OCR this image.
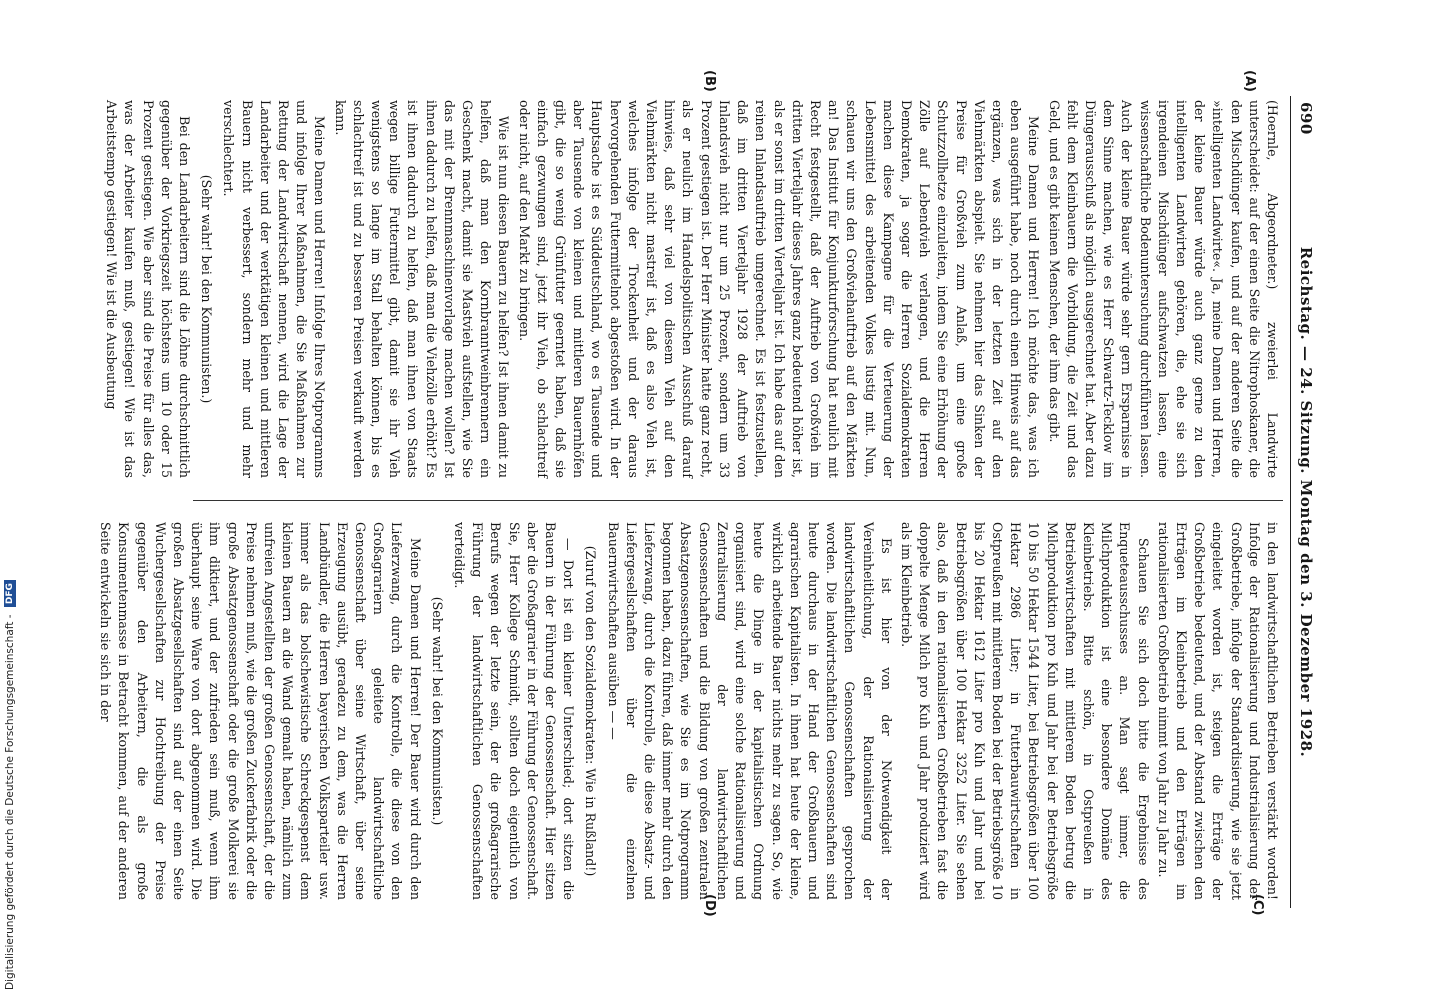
690
Reichstag. — 24. Sitzung. Montag den 3. Dezember 1928.
(A)
(B)
(C)
(D)

(Hoernle, Abgeordneter.) zweierlei Landwirte unterscheidet: auf der einen Seite die Nitrophoskaner, die den Mischdünger kaufen, und auf der anderen Seite die »intelligenten Landwirte«. Ja, meine Damen und Herren, der kleine Bauer würde auch ganz gerne zu den intelligenten Landwirten gehören, die, ehe sie sich irgendeinen Mischdünger aufschwatzen lassen, eine wissenschaftliche Bodenuntersuchung durchführen lassen. Auch der kleine Bauer würde sehr gern Ersparnisse in dem Sinne machen, wie es Herr Schwartz-Tecklow im Düngerausschuß als möglich ausgerechnet hat. Aber dazu fehlt dem Kleinbauern die Vorbildung, die Zeit und das Geld, und es gibt keinen Menschen, der ihm das gibt.

Meine Damen und Herren! Ich möchte das, was ich eben ausgeführt habe, noch durch einen Hinweis auf das ergänzen, was sich in der letzten Zeit auf den Viehmärkten abspielt. Sie nehmen hier das Sinken der Preise für Großvieh zum Anlaß, um eine große Schutzzollhetze einzuleiten, indem Sie eine Erhöhung der Zölle auf Lebendvieh verlangen, und die Herren Demokraten, ja sogar die Herren Sozialdemokraten machen diese Kampagne für die Verteuerung der Lebensmittel des arbeitenden Volkes lustig mit. Nun, schauen wir uns den Großviehauftrieb auf den Märkten an! Das Institut für Konjunkturforschung hat neulich mit Recht festgestellt, daß der Auftrieb von Großvieh im dritten Vierteljahr dieses Jahres ganz bedeutend höher ist, als er sonst im dritten Vierteljahr ist. Ich habe das auf den reinen Inlandsauftrieb umgerechnet. Es ist festzustellen, daß im dritten Vierteljahr 1928 der Auftrieb von Inlandsvieh nicht nur um 25 Prozent, sondern um 33 Prozent gestiegen ist. Der Herr Minister hatte ganz recht, als er neulich im Handelspolitischen Ausschuß darauf hinwies, daß sehr viel von diesem Vieh auf den Viehmärkten nicht mastreif ist, daß es also Vieh ist, welches infolge der Trockenheit und der daraus hervorgehenden Futtermittelnot abgestoßen wird. In der Hauptsache ist es Süddeutschland, wo es Tausende und aber Tausende von kleinen und mittleren Bauernhöfen gibt, die so wenig Grünfutter geerntet haben, daß sie einfach gezwungen sind, jetzt ihr Vieh, ob schlachtreif oder nicht, auf den Markt zu bringen.

Wie ist nun diesen Bauern zu helfen? Ist ihnen damit zu helfen, daß man den Kornbranntweinbrennern ein Geschenk macht, damit sie Mastvieh aufstellen, wie Sie das mit der Brennmaschinenvorlage machen wollen? Ist ihnen dadurch zu helfen, daß man die Viehzölle erhöht? Es ist ihnen dadurch zu helfen, daß man ihnen von Staats wegen billige Futtermittel gibt, damit sie ihr Vieh wenigstens so lange im Stall behalten können, bis es schlachtreif ist und zu besseren Preisen verkauft werden kann.

Meine Damen und Herren! Infolge Ihres Notprogramms und infolge Ihrer Maßnahmen, die Sie Maßnahmen zur Rettung der Landwirtschaft nennen, wird die Lage der Landarbeiter und der werktätigen kleinen und mittleren Bauern nicht verbessert, sondern mehr und mehr verschlechtert.

(Sehr wahr! bei den Kommunisten.)

Bei den Landarbeitern sind die Löhne durchschnittlich gegenüber der Vorkriegszeit höchstens um 10 oder 15 Prozent gestiegen. Wie aber sind die Preise für alles das, was der Arbeiter kaufen muß, gestiegen! Wie ist das Arbeitstempo gestiegen! Wie ist die Ausbeutung

in den landwirtschaftlichen Betrieben verstärkt worden! Infolge der Rationalisierung und Industrialisierung der Großbetriebe, infolge der Standardisierung, wie sie jetzt eingeleitet worden ist, steigen die Erträge der Großbetriebe bedeutend, und der Abstand zwischen den Erträgen im Kleinbetrieb und den Erträgen im rationalisierten Großbetrieb nimmt von Jahr zu Jahr zu.

Schauen Sie sich doch bitte die Ergebnisse des Enqueteausschusses an. Man sagt immer, die Milchproduktion ist eine besondere Domäne des Kleinbetriebs. Bitte schön, in Ostpreußen in Betriebswirtschaften mit mittlerem Boden betrug die Milchproduktion pro Kuh und Jahr bei der Betriebsgröße 10 bis 50 Hektar 1544 Liter, bei Betriebsgrößen über 100 Hektar 2986 Liter; in Futterbauwirtschaften in Ostpreußen mit mittlerem Boden bei der Betriebsgröße 10 bis 20 Hektar 1612 Liter pro Kuh und Jahr und bei Betriebsgrößen über 100 Hektar 3252 Liter. Sie sehen also, daß in den rationalisierten Großbetrieben fast die doppelte Menge Milch pro Kuh und Jahr produziert wird als im Kleinbetrieb.

Es ist hier von der Notwendigkeit der Vereinheitlichung, der Rationalisierung der landwirtschaftlichen Genossenschaften gesprochen worden. Die landwirtschaftlichen Genossenschaften sind heute durchaus in der Hand der Großbauern und agrarischen Kapitalisten. In ihnen hat heute der kleine, wirklich arbeitende Bauer nichts mehr zu sagen. So, wie heute die Dinge in der kapitalistischen Ordnung organisiert sind, wird eine solche Rationalisierung und Zentralisierung der landwirtschaftlichen Genossenschaften und die Bildung von großen zentralen Absatzgenossenschaften, wie Sie es im Notprogramm begonnen haben, dazu führen, daß immer mehr durch den Lieferzwang, durch die Kontrolle, die diese Absatz- und Liefergesellschaften über die einzelnen Bauernwirtschaften ausüben — —

(Zuruf von den Sozialdemokraten: Wie in Rußland!)

— Dort ist ein kleiner Unterschied; dort sitzen die Bauern in der Führung der Genossenschaft. Hier sitzen aber die Großagrarier in der Führung der Genossenschaft. Sie, Herr Kollege Schmidt, sollten doch eigentlich von Berufs wegen der letzte sein, der die großagrarische Führung der landwirtschaftlichen Genossenschaften verteidigt.

(Sehr wahr! bei den Kommunisten.)

Meine Damen und Herren! Der Bauer wird durch den Lieferzwang, durch die Kontrolle, die diese von den Großagrariern geleitete landwirtschaftliche Genossenschaft über seine Wirtschaft, über seine Erzeugung ausübt, geradezu zu dem, was die Herren Landbündler, die Herren bayerischen Volksparteiler usw. immer als das bolschewistische Schreckgespenst dem kleinen Bauern an die Wand gemalt haben, nämlich zum unfreien Angestellten der großen Genossenschaft, der die Preise nehmen muß, wie die großen Zuckerfabrik oder die große Absatzgenossenschaft oder die große Molkerei sie ihm diktiert, und der zufrieden sein muß, wenn ihm überhaupt seine Ware von dort abgenommen wird. Die großen Absatzgesellschaften sind auf der einen Seite Wuchergesellschaften zur Hochtreibung der Preise gegenüber den Arbeitern, die als große Konsumentenmasse in Betracht kommen, auf der anderen Seite entwickeln sie sich in der

Digitalisierung gefördert durch die Deutsche Forschungsgemeinschaft - DFG
